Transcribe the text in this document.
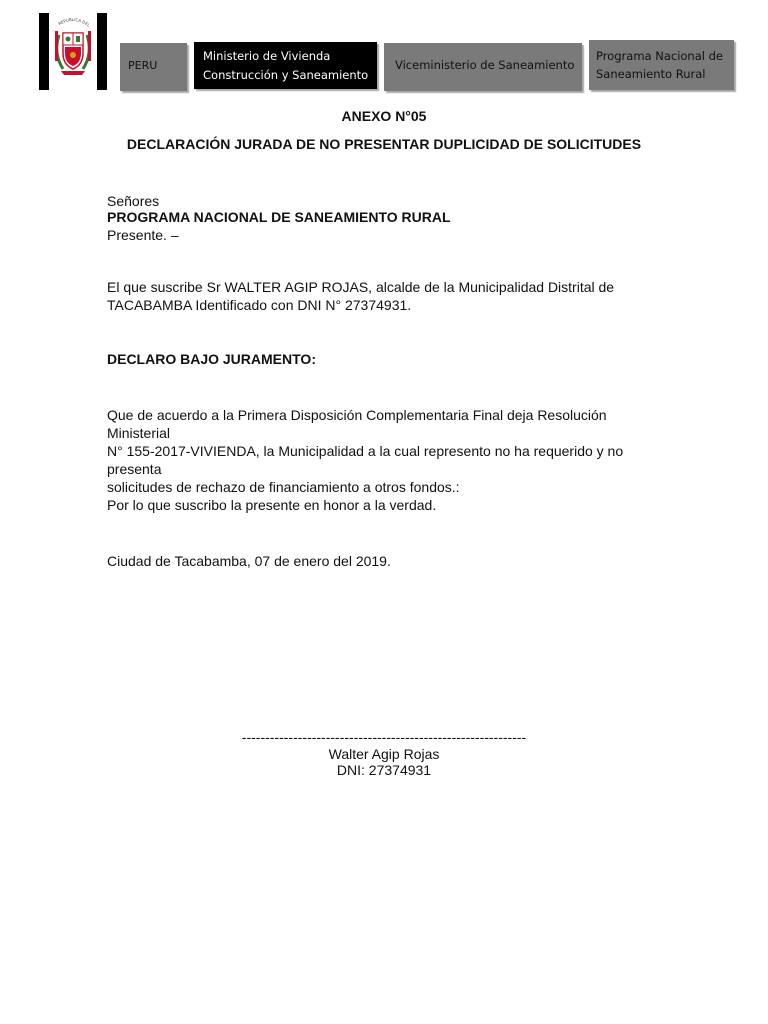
REPUBLICA DEL
PERU
Ministerio de Vivienda
Construcción y Saneamiento
Viceministerio de Saneamiento
Programa Nacional de
Saneamiento Rural
ANEXO N°05
DECLARACIÓN JURADA DE NO PRESENTAR DUPLICIDAD DE SOLICITUDES
Señores
PROGRAMA NACIONAL DE SANEAMIENTO RURAL
Presente. –
El que suscribe Sr WALTER AGIP ROJAS, alcalde de la Municipalidad Distrital de
TACABAMBA Identificado con DNI N° 27374931.
DECLARO BAJO JURAMENTO:
Que de acuerdo a la Primera Disposición Complementaria Final deja Resolución Ministerial
N° 155-2017-VIVIENDA, la Municipalidad a la cual represento no ha requerido y no presenta
solicitudes de rechazo de financiamiento a otros fondos.:
Por lo que suscribo la presente en honor a la verdad.
Ciudad de Tacabamba, 07 de enero del 2019.
-------------------------------------------------------------
Walter Agip Rojas
DNI: 27374931
